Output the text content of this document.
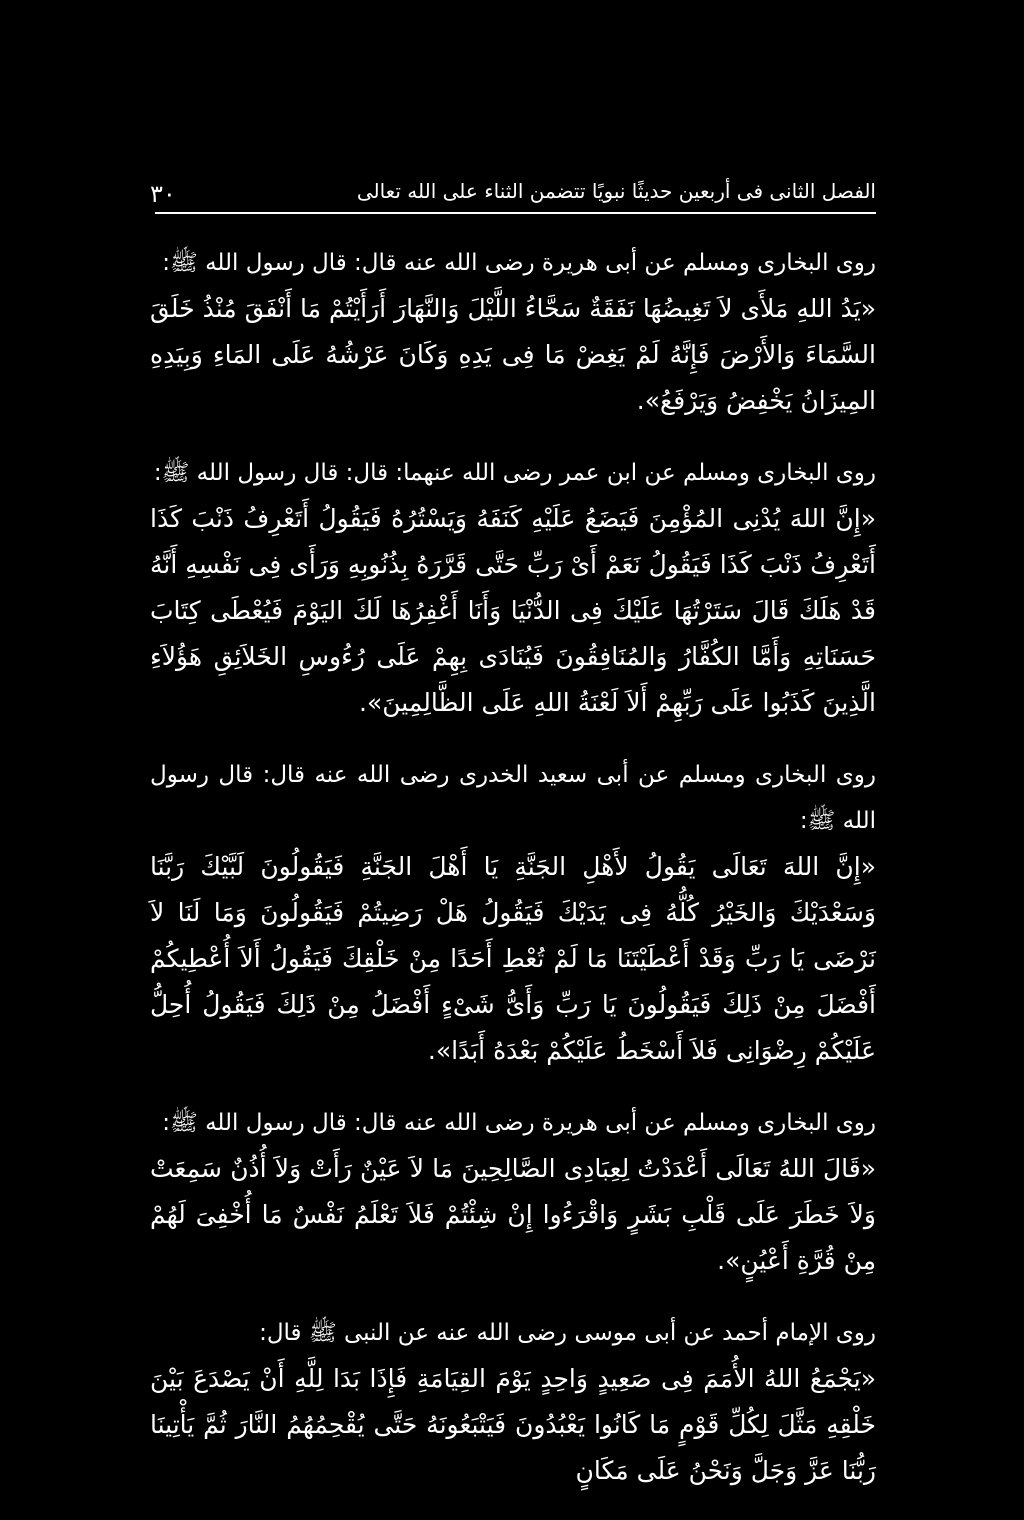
٣٠	الفصل الثانى فى أربعين حديثًا نبويًا تتضمن الثناء على الله تعالى

روى البخارى ومسلم عن أبى هريرة رضى الله عنه قال: قال رسول الله ﷺ:
«يَدُ اللهِ مَلأَى لاَ تَغِيضُهَا نَفَقَةٌ سَحَّاءُ اللَّيْلَ وَالنَّهَارَ أَرَأَيْتُمْ مَا أَنْفَقَ مُنْذُ خَلَقَ السَّمَاءَ وَالأَرْضَ فَإِنَّهُ لَمْ يَغِضْ مَا فِى يَدِهِ وَكَانَ عَرْشُهُ عَلَى المَاءِ وَبِيَدِهِ المِيزَانُ يَخْفِضُ وَيَرْفَعُ».

روى البخارى ومسلم عن ابن عمر رضى الله عنهما: قال: قال رسول الله ﷺ:
«إِنَّ اللهَ يُدْنِى المُؤْمِنَ فَيَضَعُ عَلَيْهِ كَنَفَهُ وَيَسْتُرُهُ فَيَقُولُ أَتَعْرِفُ ذَنْبَ كَذَا أَتَعْرِفُ ذَنْبَ كَذَا فَيَقُولُ نَعَمْ أَىْ رَبِّ حَتَّى قَرَّرَهُ بِذُنُوبِهِ وَرَأَى فِى نَفْسِهِ أَنَّهُ قَدْ هَلَكَ قَالَ سَتَرْتُهَا عَلَيْكَ فِى الدُّنْيَا وَأَنَا أَغْفِرُهَا لَكَ اليَوْمَ فَيُعْطَى كِتَابَ حَسَنَاتِهِ وَأَمَّا الكُفَّارُ وَالمُنَافِقُونَ فَيُنَادَى بِهِمْ عَلَى رُءُوسِ الخَلاَئِقِ هَؤُلاَءِ الَّذِينَ كَذَبُوا عَلَى رَبِّهِمْ أَلاَ لَعْنَةُ اللهِ عَلَى الظَّالِمِينَ».

روى البخارى ومسلم عن أبى سعيد الخدرى رضى الله عنه قال: قال رسول الله ﷺ:
«إِنَّ اللهَ تَعَالَى يَقُولُ لأَهْلِ الجَنَّةِ يَا أَهْلَ الجَنَّةِ فَيَقُولُونَ لَبَّيْكَ رَبَّنَا وَسَعْدَيْكَ وَالخَيْرُ كُلُّهُ فِى يَدَيْكَ فَيَقُولُ هَلْ رَضِيتُمْ فَيَقُولُونَ وَمَا لَنَا لاَ نَرْضَى يَا رَبِّ وَقَدْ أَعْطَيْتَنَا مَا لَمْ تُعْطِ أَحَدًا مِنْ خَلْقِكَ فَيَقُولُ أَلاَ أُعْطِيكُمْ أَفْضَلَ مِنْ ذَلِكَ فَيَقُولُونَ يَا رَبِّ وَأَىُّ شَىْءٍ أَفْضَلُ مِنْ ذَلِكَ فَيَقُولُ أُحِلُّ عَلَيْكُمْ رِضْوَانِى فَلاَ أَسْخَطُ عَلَيْكُمْ بَعْدَهُ أَبَدًا».

روى البخارى ومسلم عن أبى هريرة رضى الله عنه قال: قال رسول الله ﷺ:
«قَالَ اللهُ تَعَالَى أَعْدَدْتُ لِعِبَادِى الصَّالِحِينَ مَا لاَ عَيْنٌ رَأَتْ وَلاَ أُذُنٌ سَمِعَتْ وَلاَ خَطَرَ عَلَى قَلْبِ بَشَرٍ وَاقْرَءُوا إِنْ شِئْتُمْ فَلاَ تَعْلَمُ نَفْسٌ مَا أُخْفِىَ لَهُمْ مِنْ قُرَّةِ أَعْيُنٍ».

روى الإمام أحمد عن أبى موسى رضى الله عنه عن النبى ﷺ قال:
«يَجْمَعُ اللهُ الأُمَمَ فِى صَعِيدٍ وَاحِدٍ يَوْمَ القِيَامَةِ فَإِذَا بَدَا لِلَّهِ أَنْ يَصْدَعَ بَيْنَ خَلْقِهِ مَثَّلَ لِكُلِّ قَوْمٍ مَا كَانُوا يَعْبُدُونَ فَيَتْبَعُونَهُ حَتَّى يُقْحِمُهُمُ النَّارَ ثُمَّ يَأْتِينَا رَبُّنَا عَزَّ وَجَلَّ وَنَحْنُ عَلَى مَكَانٍ
